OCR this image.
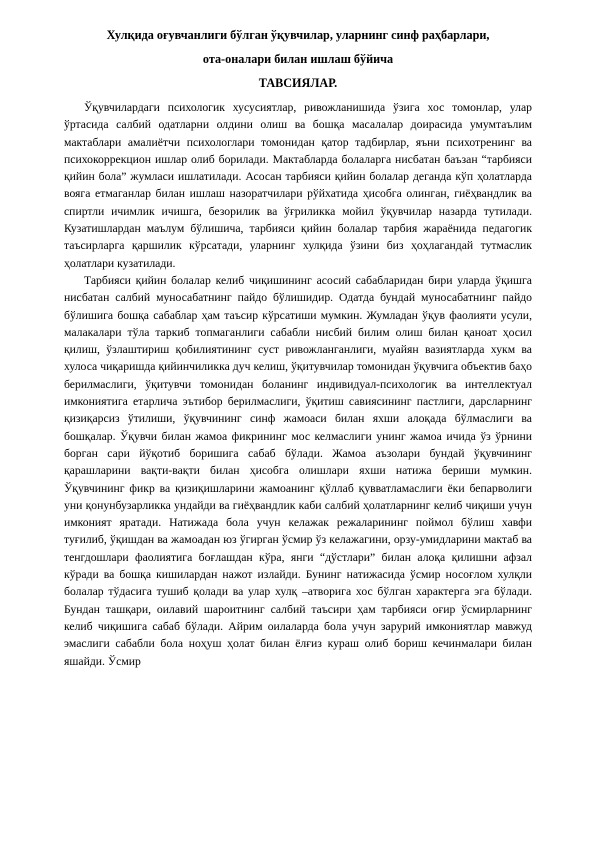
Хулқида оғувчанлиги бўлган ўқувчилар, уларнинг синф раҳбарлари,

ота-оналари билан ишлаш бўйича

ТАВСИЯЛАР.

Ўқувчилардаги психологик хусусиятлар, ривожланишида ўзига хос томонлар, улар ўртасида салбий одатларни олдини олиш ва бошқа масалалар доирасида умумтаълим мактаблари амалиётчи психологлари томонидан қатор тадбирлар, яъни психотренинг ва психокоррекцион ишлар олиб борилади. Мактабларда болаларга нисбатан баъзан “тарбияси қийин бола” жумласи ишлатилади. Асосан тарбияси қийин болалар деганда кўп ҳолатларда вояга етмаганлар билан ишлаш назоратчилари рўйхатида ҳисобга олинган, гиёҳвандлик ва спиртли ичимлик ичишга, безорилик ва ўғриликка мойил ўқувчилар назарда тутилади. Кузатишлардан маълум бўлишича, тарбияси қийин болалар тарбия жараёнида педагогик таъсирларга қаршилик кўрсатади, уларнинг хулқида ўзини биз ҳоҳлагандай тутмаслик ҳолатлари кузатилади.

Тарбияси қийин болалар келиб чиқишининг асосий сабабларидан бири уларда ўқишга нисбатан салбий муносабатнинг пайдо бўлишидир. Одатда бундай муносабатнинг пайдо бўлишига бошқа сабаблар ҳам таъсир кўрсатиши мумкин. Жумладан ўқув фаолияти усули, малакалари тўла таркиб топмаганлиги сабабли нисбий билим олиш билан қаноат ҳосил қилиш, ўзлаштириш қобилиятининг суст ривожланганлиги, муайян вазиятларда хукм ва хулоса чиқаришда қийинчиликка дуч келиш, ўқитувчилар томонидан ўқувчига объектив баҳо берилмаслиги, ўқитувчи томонидан боланинг индивидуал-психологик ва интеллектуал имкониятига етарлича эътибор берилмаслиги, ўқитиш савиясининг пастлиги, дарсларнинг қизиқарсиз ўтилиши, ўқувчининг синф жамоаси билан яхши алоқада бўлмаслиги ва бошқалар. Ўқувчи билан жамоа фикрининг мос келмаслиги унинг жамоа ичида ўз ўрнини борган сари йўқотиб боришига сабаб бўлади. Жамоа аъзолари бундай ўқувчининг қарашларини вақти-вақти билан ҳисобга олишлари яхши натижа бериши мумкин. Ўқувчининг фикр ва қизиқишларини жамоанинг қўллаб қувватламаслиги ёки бепарволиги уни қонунбузарликка ундайди ва гиёҳвандлик каби салбий ҳолатларнинг келиб чиқиши учун имконият яратади. Натижада бола учун келажак режаларининг поймол бўлиш хавфи туғилиб, ўқишдан ва жамоадан юз ўгирган ўсмир ўз келажагини, орзу-умидларини мактаб ва тенгдошлари фаолиятига боғлашдан кўра, янги “дўстлари” билан алоқа қилишни афзал кўради ва бошқа кишилардан нажот излайди. Бунинг натижасида ўсмир носоғлом хулқли болалар тўдасига тушиб қолади ва улар хулқ –атворига хос бўлган характерга эга бўлади. Бундан ташқари, оилавий шароитнинг салбий таъсири ҳам тарбияси оғир ўсмирларнинг келиб чиқишига сабаб бўлади. Айрим оилаларда бола учун зарурий имкониятлар мавжуд эмаслиги сабабли бола ноҳуш ҳолат билан ёлғиз кураш олиб бориш кечинмалари билан яшайди. Ўсмир
